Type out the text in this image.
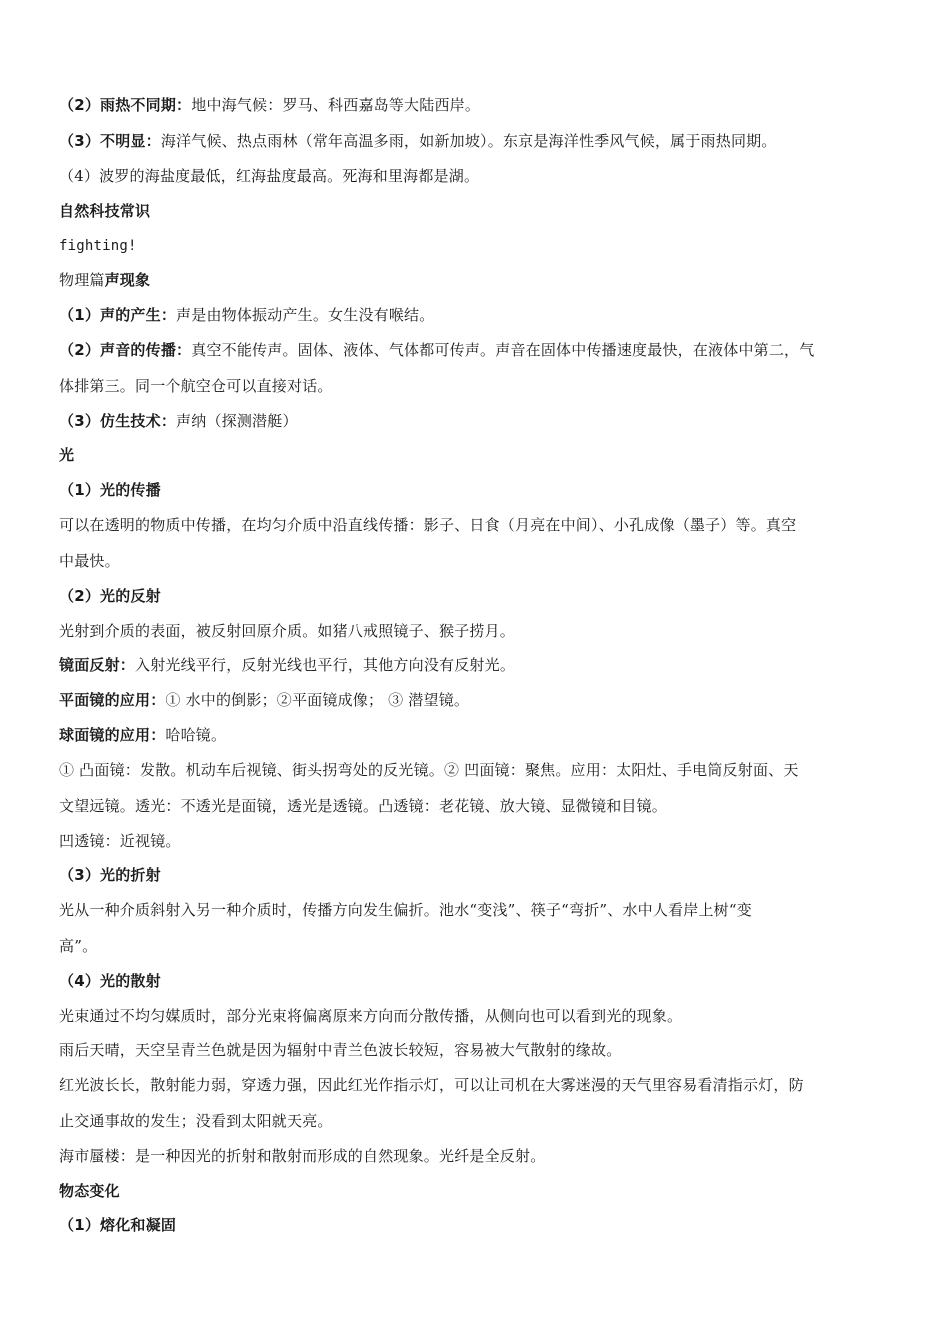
（2）雨热不同期：地中海气候：罗马、科西嘉岛等大陆西岸。
（3）不明显：海洋气候、热点雨林（常年高温多雨，如新加坡）。东京是海洋性季风气候，属于雨热同期。
（4）波罗的海盐度最低，红海盐度最高。死海和里海都是湖。
自然科技常识
fighting!
物理篇声现象
（1）声的产生：声是由物体振动产生。女生没有喉结。
（2）声音的传播：真空不能传声。固体、液体、气体都可传声。声音在固体中传播速度最快，在液体中第二，气
体排第三。同一个航空仓可以直接对话。
（3）仿生技术：声纳（探测潜艇）
光
（1）光的传播
可以在透明的物质中传播，在均匀介质中沿直线传播：影子、日食（月亮在中间）、小孔成像（墨子）等。真空
中最快。
（2）光的反射
光射到介质的表面，被反射回原介质。如猪八戒照镜子、猴子捞月。
镜面反射：入射光线平行，反射光线也平行，其他方向没有反射光。
平面镜的应用：① 水中的倒影；②平面镜成像； ③ 潜望镜。
球面镜的应用：哈哈镜。
① 凸面镜：发散。机动车后视镜、街头拐弯处的反光镜。② 凹面镜：聚焦。应用：太阳灶、手电筒反射面、天
文望远镜。透光：不透光是面镜，透光是透镜。凸透镜：老花镜、放大镜、显微镜和目镜。
凹透镜：近视镜。
（3）光的折射
光从一种介质斜射入另一种介质时，传播方向发生偏折。池水“变浅”、筷子“弯折”、水中人看岸上树“变
高”。
（4）光的散射
光束通过不均匀媒质时，部分光束将偏离原来方向而分散传播，从侧向也可以看到光的现象。
雨后天晴，天空呈青兰色就是因为辐射中青兰色波长较短，容易被大气散射的缘故。
红光波长长，散射能力弱，穿透力强，因此红光作指示灯，可以让司机在大雾迷漫的天气里容易看清指示灯，防
止交通事故的发生；没看到太阳就天亮。
海市蜃楼：是一种因光的折射和散射而形成的自然现象。光纤是全反射。
物态变化
（1）熔化和凝固
